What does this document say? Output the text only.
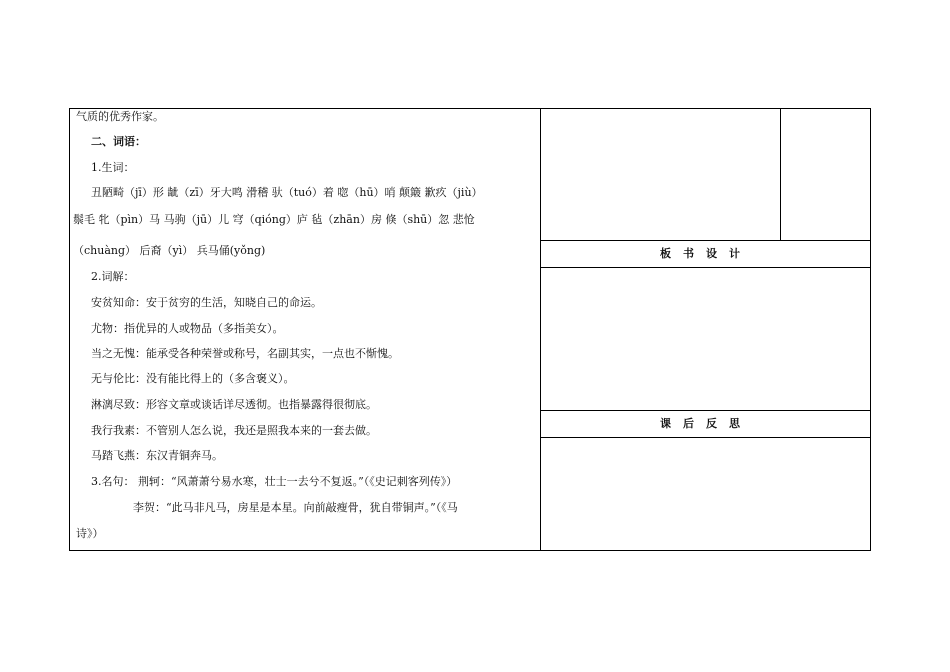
板书设计
课后反思
气质的优秀作家。
二、词语：
1.生词：
丑陋畸（jī）形 龇（zī）牙大鸣 滑稽 驮（tuó）着 唿（hū）哨 颠簸 歉疚（jiù）
鬃毛 牝（pìn）马 马驹（jū）儿 穹（qióng）庐 毡（zhān）房 倏（shū）忽 悲怆
（chuàng） 后裔（yì） 兵马俑(yǒng)
2.词解：
安贫知命：安于贫穷的生活，知晓自己的命运。
尤物：指优异的人或物品（多指美女）。
当之无愧：能承受各种荣誉或称号，名副其实，一点也不惭愧。
无与伦比：没有能比得上的（多含褒义）。
淋漓尽致：形容文章或谈话详尽透彻。也指暴露得很彻底。
我行我素：不管别人怎么说，我还是照我本来的一套去做。
马踏飞燕：东汉青铜奔马。
3.名句： 荆轲：“风萧萧兮易水寒，壮士一去兮不复返。”（《史记刺客列传》）
李贺：“此马非凡马，房星是本星。向前敲瘦骨，犹自带铜声。”（《马
诗》）
